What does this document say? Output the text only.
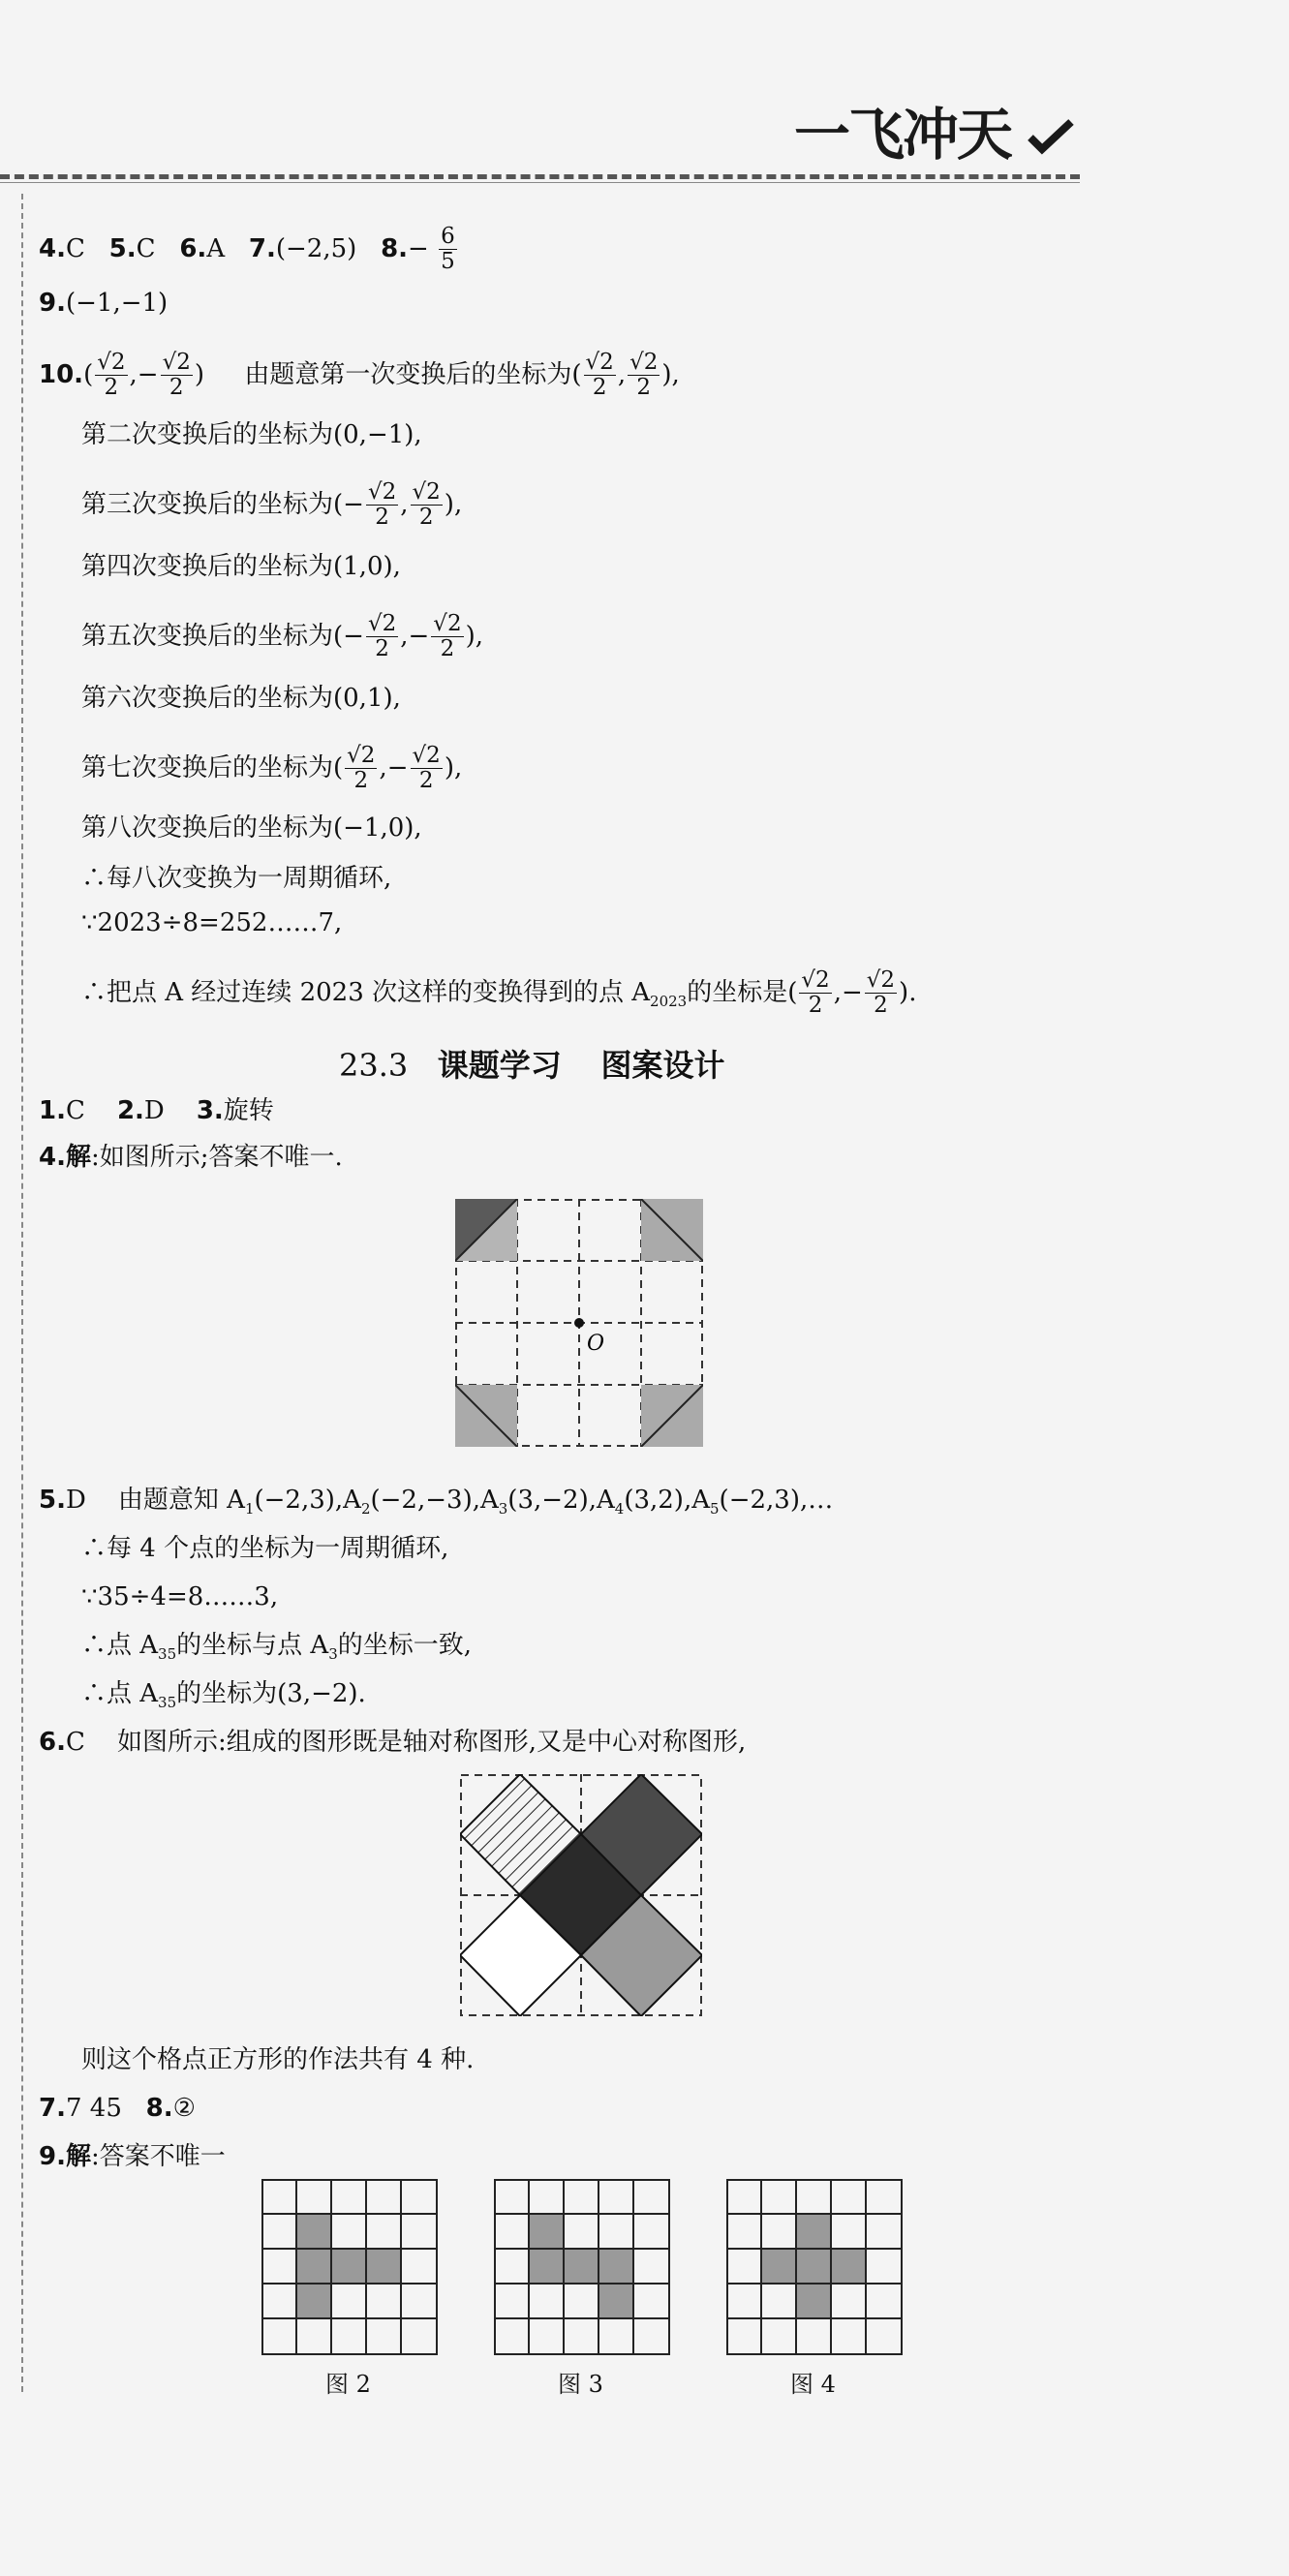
一飞冲天
4.C 5.C 6.A 7.(−2,5) $8.- \frac{6}{5}$
9.(−1,−1)
$10.( \frac{√2}{2}$ ,− $\frac{√2}{2}$ ) 由题意第一次变换后的坐标为( $\frac{√2}{2}$ , $\frac{√2}{2}$ ),
第二次变换后的坐标为(0,−1),
第三次变换后的坐标为(− $\frac{√2}{2}$ , $\frac{√2}{2}$ ),
第四次变换后的坐标为(1,0),
第五次变换后的坐标为(− $\frac{√2}{2}$ ,− $\frac{√2}{2}$ ),
第六次变换后的坐标为(0,1),
第七次变换后的坐标为( $\frac{√2}{2}$ ,− $\frac{√2}{2}$ ),
第八次变换后的坐标为(−1,0),
∴每八次变换为一周期循环,
∵2023÷8=252……7,
∴把点 A 经过连续 2023 次这样的变换得到的点 $A_{2023}$的坐标是( $\frac{√2}{2}$ ,− $\frac{√2}{2}$ ).
23.3 课题学习 图案设计
1.C 2.D 3.旋转
4.解:如图所示;答案不唯一.
O
5.D 由题意知 $A_1(-2,3),A_2(-2,-3),A_3(3,-2),A_4(3,2),A_5(-2,3),\dots$
∴每 4 个点的坐标为一周期循环,
∵35÷4=8……3,
∴点 $A_{35}$的坐标与点 $A_3$的坐标一致,
∴点 $A_{35}$的坐标为(3,−2).
6.C 如图所示:组成的图形既是轴对称图形,又是中心对称图形,
则这个格点正方形的作法共有 4 种.
7.7 45 8.②
9.解:答案不唯一
图 2	图 3	图 4
